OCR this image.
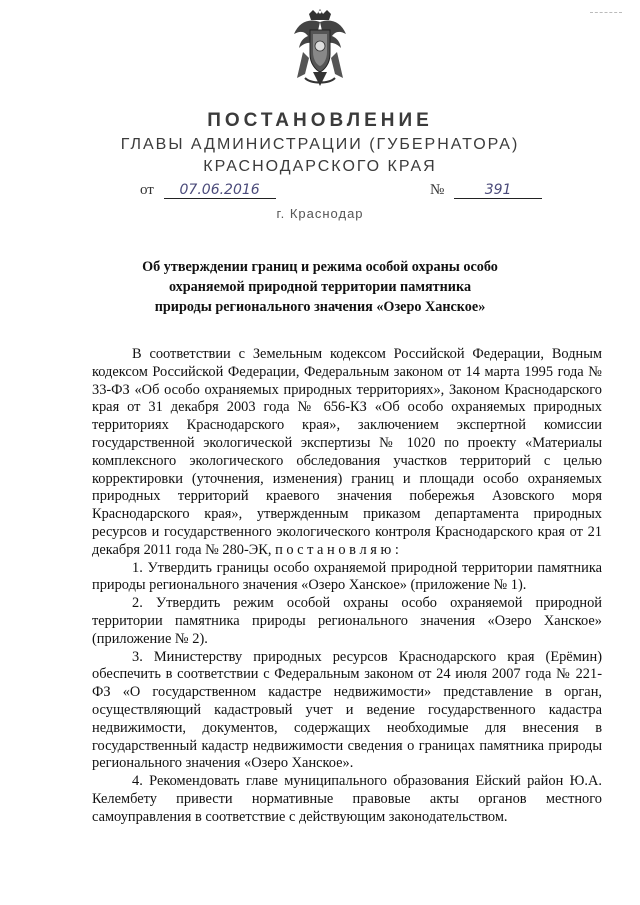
ПОСТАНОВЛЕНИЕ
ГЛАВЫ АДМИНИСТРАЦИИ (ГУБЕРНАТОРА)
КРАСНОДАРСКОГО КРАЯ
от 07.06.2016	№	391
г. Краснодар
Об утверждении границ и режима особой охраны особо охраняемой природной территории памятника природы регионального значения «Озеро Ханское»

В соответствии с Земельным кодексом Российской Федерации, Водным кодексом Российской Федерации, Федеральным законом от 14 марта 1995 года № 33-ФЗ «Об особо охраняемых природных территориях», Законом Краснодарского края от 31 декабря 2003 года № 656-КЗ «Об особо охраняемых природных территориях Краснодарского края», заключением экспертной комиссии государственной экологической экспертизы № 1020 по проекту «Материалы комплексного экологического обследования участков территорий с целью корректировки (уточнения, изменения) границ и площади особо охраняемых природных территорий краевого значения побережья Азовского моря Краснодарского края», утвержденным приказом департамента природных ресурсов и государственного экологического контроля Краснодарского края от 21 декабря 2011 года № 280-ЭК, п о с т а н о в л я ю :

1. Утвердить границы особо охраняемой природной территории памятника природы регионального значения «Озеро Ханское» (приложение № 1).

2. Утвердить режим особой охраны особо охраняемой природной территории памятника природы регионального значения «Озеро Ханское» (приложение № 2).

3. Министерству природных ресурсов Краснодарского края (Ерёмин) обеспечить в соответствии с Федеральным законом от 24 июля 2007 года № 221-ФЗ «О государственном кадастре недвижимости» представление в орган, осуществляющий кадастровый учет и ведение государственного кадастра недвижимости, документов, содержащих необходимые для внесения в государственный кадастр недвижимости сведения о границах памятника природы регионального значения «Озеро Ханское».

4. Рекомендовать главе муниципального образования Ейский район Ю.А. Келембету привести нормативные правовые акты органов местного самоуправления в соответствие с действующим законодательством.
